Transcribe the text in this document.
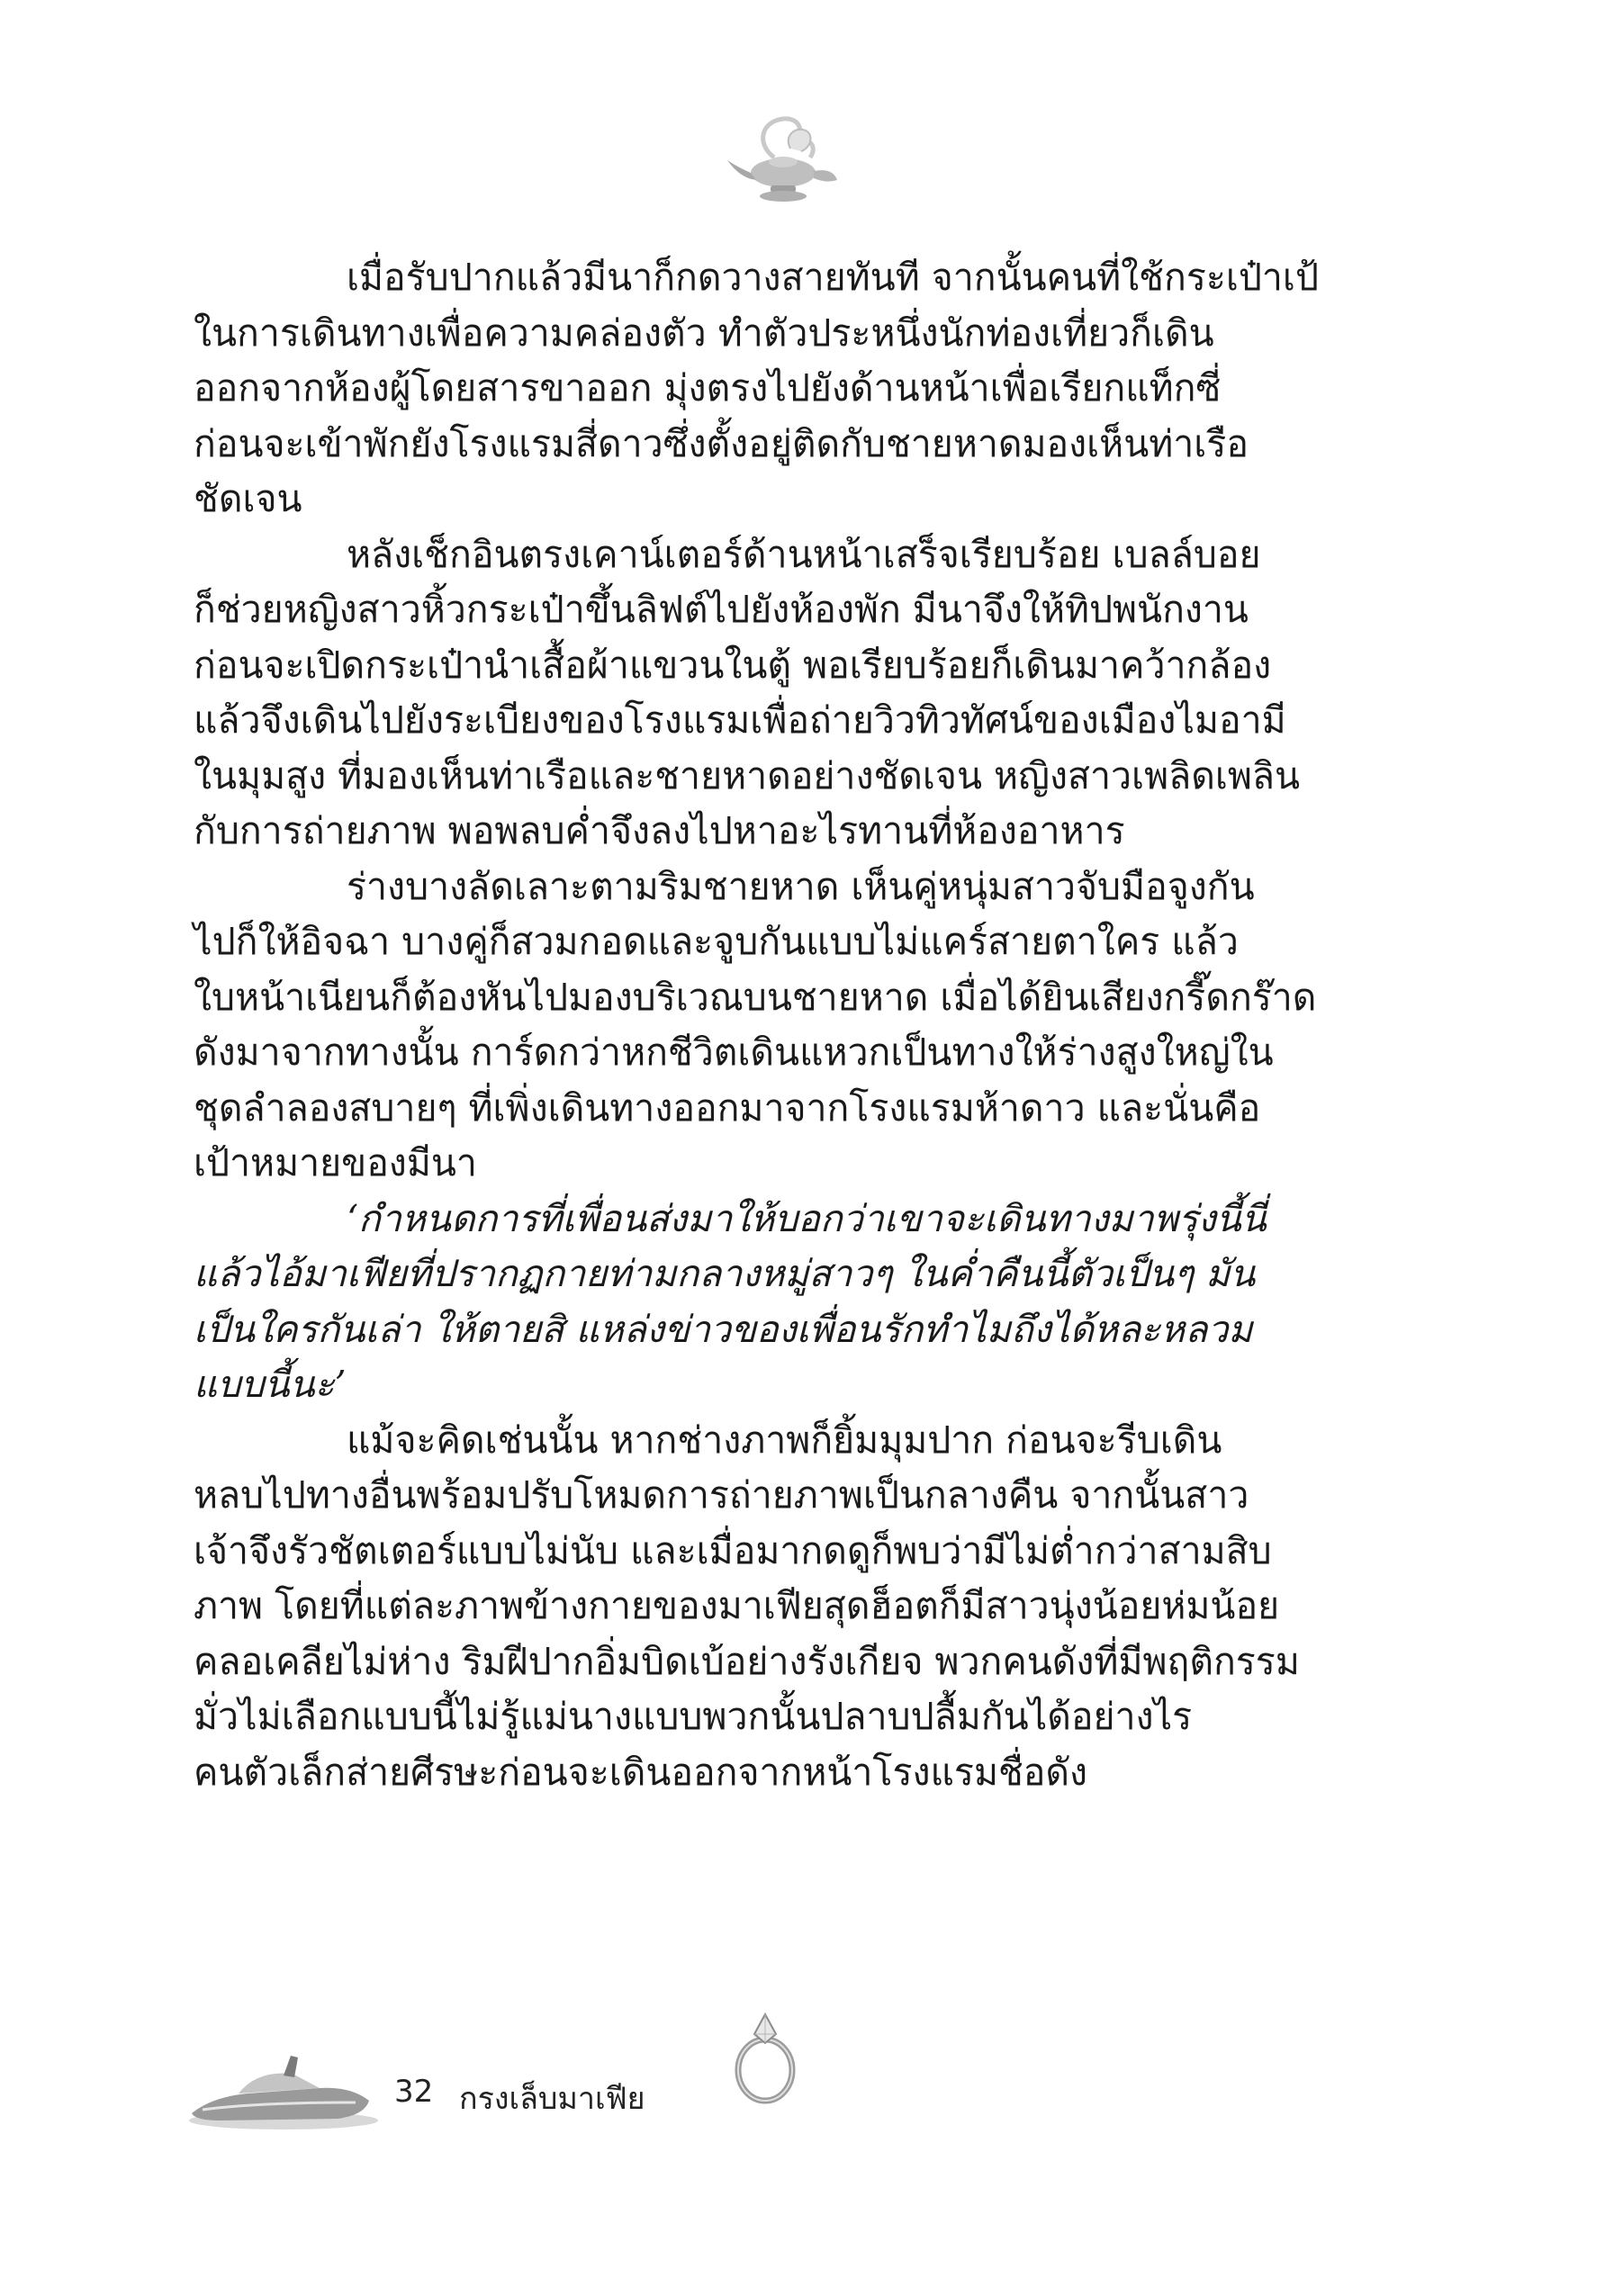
เมื่อรับปากแล้วมีนาก็กดวางสายทันที จากนั้นคนที่ใช้กระเป๋าเป้
ในการเดินทางเพื่อความคล่องตัว ทำตัวประหนึ่งนักท่องเที่ยวก็เดิน
ออกจากห้องผู้โดยสารขาออก มุ่งตรงไปยังด้านหน้าเพื่อเรียกแท็กซี่
ก่อนจะเข้าพักยังโรงแรมสี่ดาวซึ่งตั้งอยู่ติดกับชายหาดมองเห็นท่าเรือ
ชัดเจน

หลังเช็กอินตรงเคาน์เตอร์ด้านหน้าเสร็จเรียบร้อย เบลล์บอย
ก็ช่วยหญิงสาวหิ้วกระเป๋าขึ้นลิฟต์ไปยังห้องพัก มีนาจึงให้ทิปพนักงาน
ก่อนจะเปิดกระเป๋านำเสื้อผ้าแขวนในตู้ พอเรียบร้อยก็เดินมาคว้ากล้อง
แล้วจึงเดินไปยังระเบียงของโรงแรมเพื่อถ่ายวิวทิวทัศน์ของเมืองไมอามี
ในมุมสูง ที่มองเห็นท่าเรือและชายหาดอย่างชัดเจน หญิงสาวเพลิดเพลิน
กับการถ่ายภาพ พอพลบค่ำจึงลงไปหาอะไรทานที่ห้องอาหาร

ร่างบางลัดเลาะตามริมชายหาด เห็นคู่หนุ่มสาวจับมือจูงกัน
ไปก็ให้อิจฉา บางคู่ก็สวมกอดและจูบกันแบบไม่แคร์สายตาใคร แล้ว
ใบหน้าเนียนก็ต้องหันไปมองบริเวณบนชายหาด เมื่อได้ยินเสียงกรี๊ดกร๊าด
ดังมาจากทางนั้น การ์ดกว่าหกชีวิตเดินแหวกเป็นทางให้ร่างสูงใหญ่ใน
ชุดลำลองสบายๆ ที่เพิ่งเดินทางออกมาจากโรงแรมห้าดาว และนั่นคือ
เป้าหมายของมีนา

‘กำหนดการที่เพื่อนส่งมาให้บอกว่าเขาจะเดินทางมาพรุ่งนี้นี่
แล้วไอ้มาเฟียที่ปรากฏกายท่ามกลางหมู่สาวๆ ในค่ำคืนนี้ตัวเป็นๆ มัน
เป็นใครกันเล่า ให้ตายสิ แหล่งข่าวของเพื่อนรักทำไมถึงได้หละหลวม
แบบนี้นะ’

แม้จะคิดเช่นนั้น หากช่างภาพก็ยิ้มมุมปาก ก่อนจะรีบเดิน
หลบไปทางอื่นพร้อมปรับโหมดการถ่ายภาพเป็นกลางคืน จากนั้นสาว
เจ้าจึงรัวชัตเตอร์แบบไม่นับ และเมื่อมากดดูก็พบว่ามีไม่ต่ำกว่าสามสิบ
ภาพ โดยที่แต่ละภาพข้างกายของมาเฟียสุดฮ็อตก็มีสาวนุ่งน้อยห่มน้อย
คลอเคลียไม่ห่าง ริมฝีปากอิ่มบิดเบ้อย่างรังเกียจ พวกคนดังที่มีพฤติกรรม
มั่วไม่เลือกแบบนี้ไม่รู้แม่นางแบบพวกนั้นปลาบปลื้มกันได้อย่างไร
คนตัวเล็กส่ายศีรษะก่อนจะเดินออกจากหน้าโรงแรมชื่อดัง

32 กรงเล็บมาเฟีย
